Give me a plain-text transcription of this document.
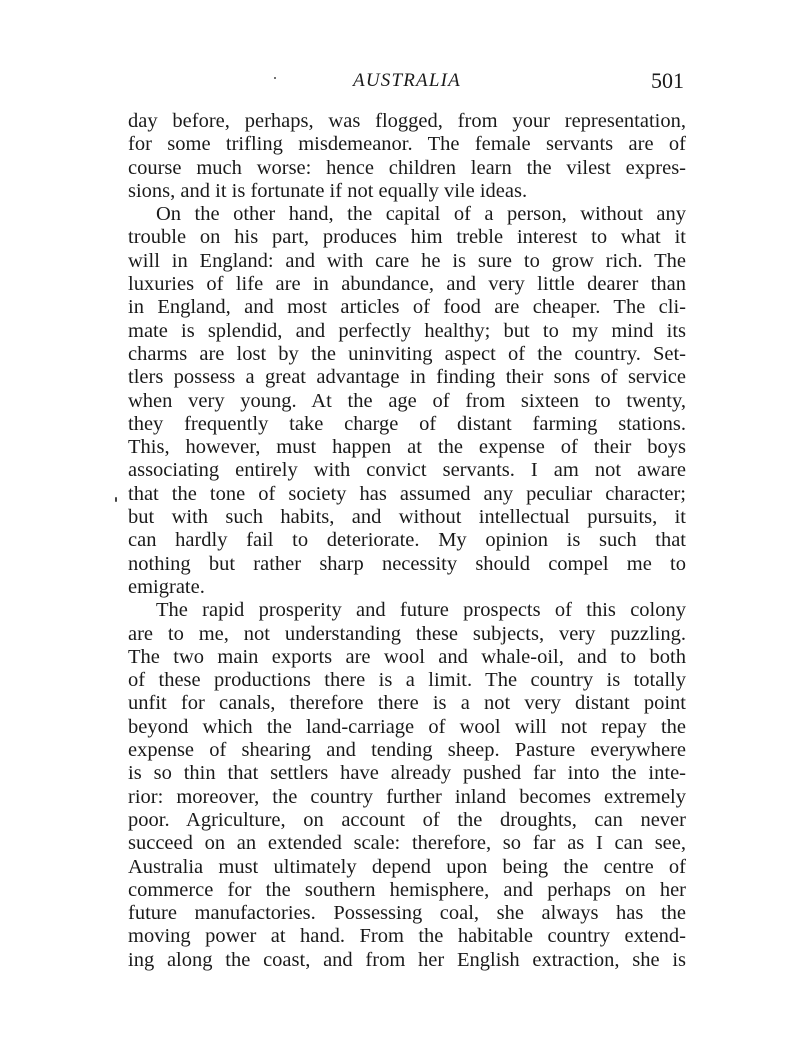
AUSTRALIA	501
day before, perhaps, was flogged, from your representation,
for some trifling misdemeanor. The female servants are of
course much worse: hence children learn the vilest expres-
sions, and it is fortunate if not equally vile ideas.
On the other hand, the capital of a person, without any
trouble on his part, produces him treble interest to what it
will in England: and with care he is sure to grow rich. The
luxuries of life are in abundance, and very little dearer than
in England, and most articles of food are cheaper. The cli-
mate is splendid, and perfectly healthy; but to my mind its
charms are lost by the uninviting aspect of the country. Set-
tlers possess a great advantage in finding their sons of service
when very young. At the age of from sixteen to twenty,
they frequently take charge of distant farming stations.
This, however, must happen at the expense of their boys
associating entirely with convict servants. I am not aware
that the tone of society has assumed any peculiar character;
but with such habits, and without intellectual pursuits, it
can hardly fail to deteriorate. My opinion is such that
nothing but rather sharp necessity should compel me to
emigrate.
The rapid prosperity and future prospects of this colony
are to me, not understanding these subjects, very puzzling.
The two main exports are wool and whale-oil, and to both
of these productions there is a limit. The country is totally
unfit for canals, therefore there is a not very distant point
beyond which the land-carriage of wool will not repay the
expense of shearing and tending sheep. Pasture everywhere
is so thin that settlers have already pushed far into the inte-
rior: moreover, the country further inland becomes extremely
poor. Agriculture, on account of the droughts, can never
succeed on an extended scale: therefore, so far as I can see,
Australia must ultimately depend upon being the centre of
commerce for the southern hemisphere, and perhaps on her
future manufactories. Possessing coal, she always has the
moving power at hand. From the habitable country extend-
ing along the coast, and from her English extraction, she is
